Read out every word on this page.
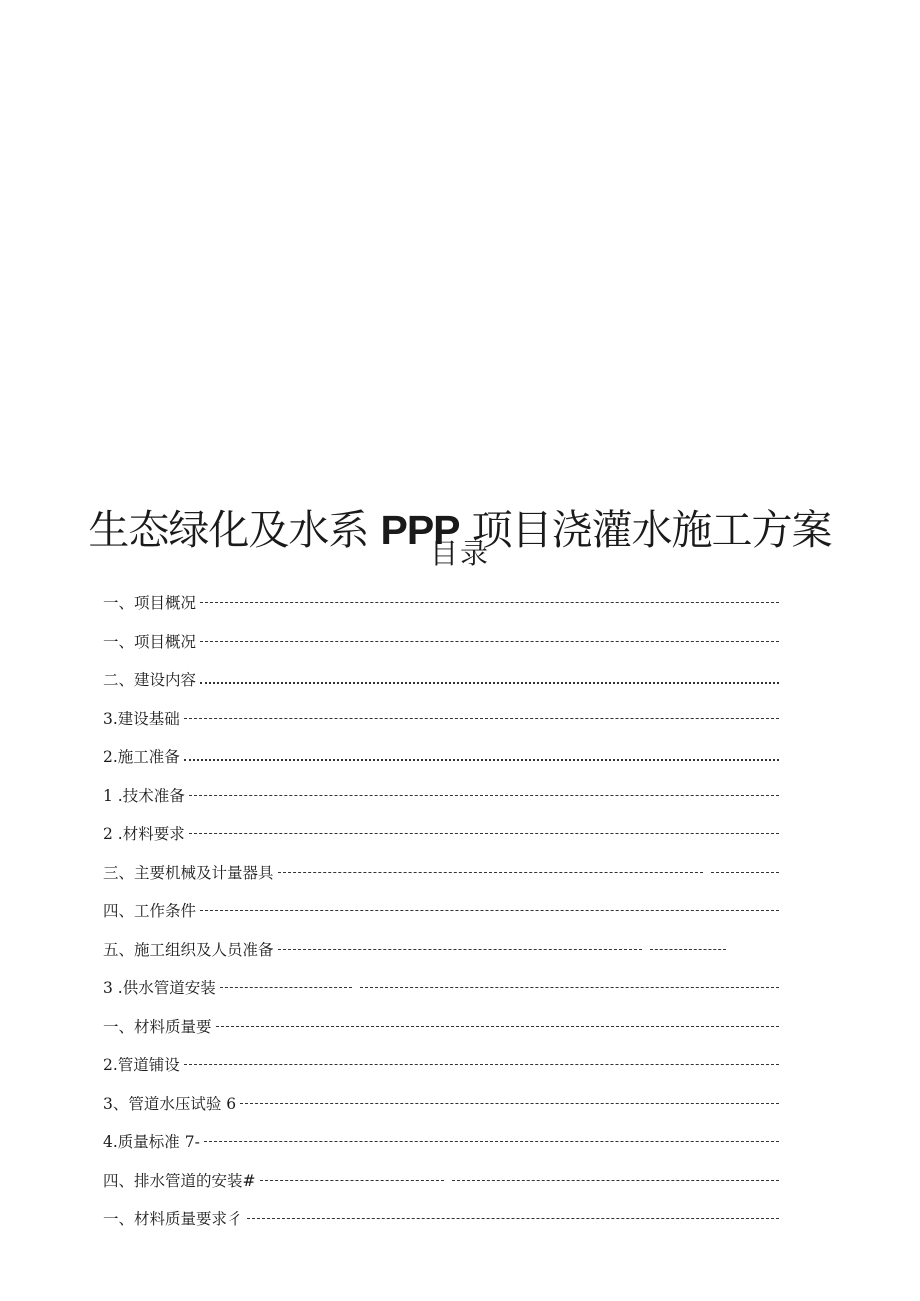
生态绿化及水系 PPP 项目浇灌水施工方案
目录
一、项目概况
一、项目概况
二、建设内容
3.建设基础
2.施工准备
1 .技术准备
2 .材料要求
三、主要机械及计量器具
四、工作条件
五、施工组织及人员准备
3 .供水管道安装
一、材料质量要
2.管道铺设
3、管道水压试验 6
4.质量标准 7-
四、排水管道的安装#
一、材料质量要求彳
